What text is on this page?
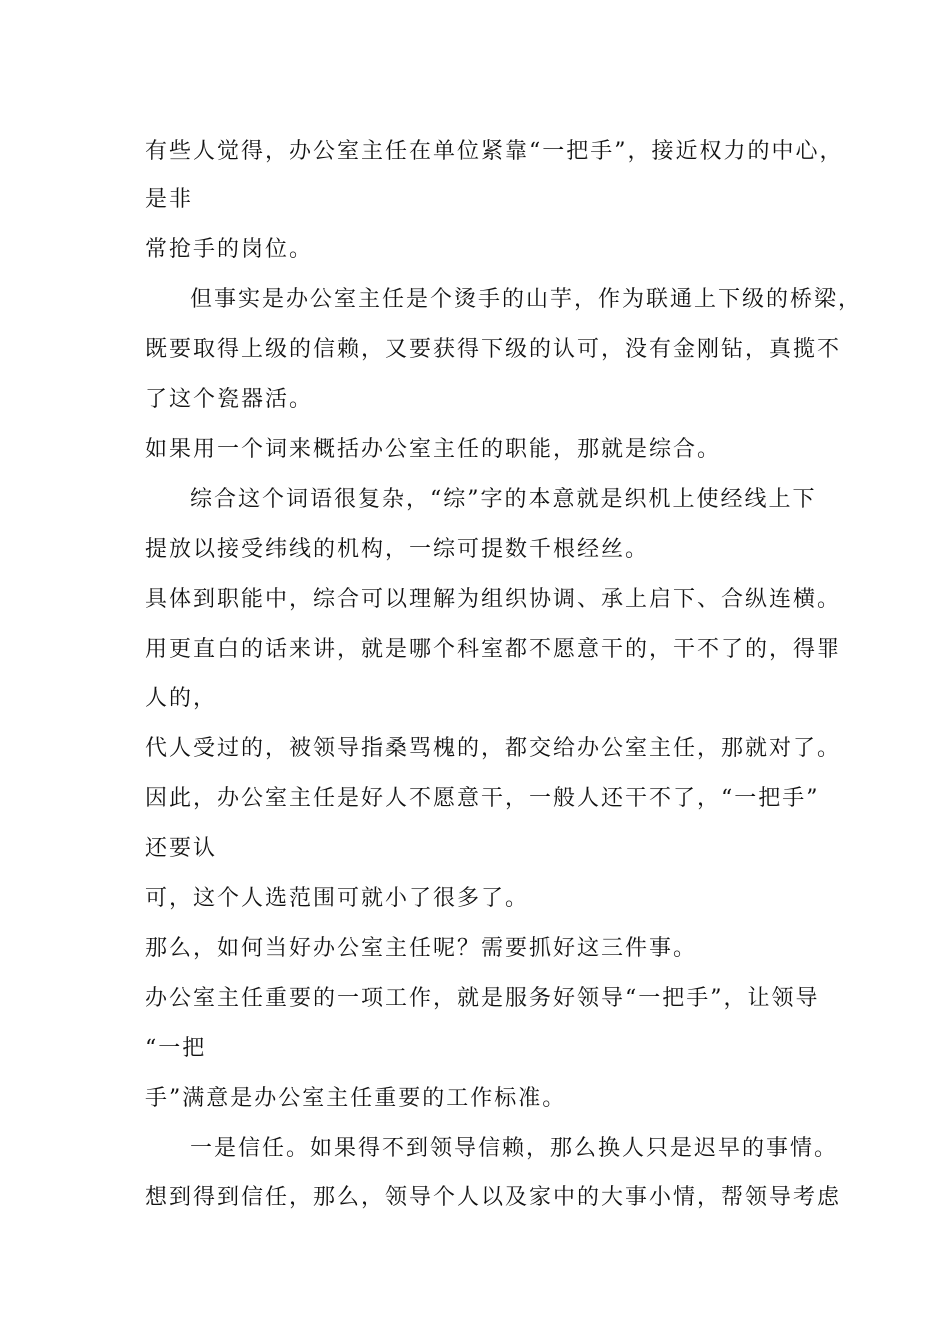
有些人觉得，办公室主任在单位紧靠“一把手”，接近权力的中心，
是非
常抢手的岗位。
但事实是办公室主任是个烫手的山芋，作为联通上下级的桥梁，
既要取得上级的信赖，又要获得下级的认可，没有金刚钻，真揽不
了这个瓷器活。
如果用一个词来概括办公室主任的职能，那就是综合。
综合这个词语很复杂，“综”字的本意就是织机上使经线上下
提放以接受纬线的机构，一综可提数千根经丝。
具体到职能中，综合可以理解为组织协调、承上启下、合纵连横。
用更直白的话来讲，就是哪个科室都不愿意干的，干不了的，得罪
人的，
代人受过的，被领导指桑骂槐的，都交给办公室主任，那就对了。
因此，办公室主任是好人不愿意干，一般人还干不了，“一把手”
还要认
可，这个人选范围可就小了很多了。
那么，如何当好办公室主任呢？需要抓好这三件事。
办公室主任重要的一项工作，就是服务好领导“一把手”，让领导
“一把
手”满意是办公室主任重要的工作标准。
一是信任。如果得不到领导信赖，那么换人只是迟早的事情。
想到得到信任，那么，领导个人以及家中的大事小情，帮领导考虑
